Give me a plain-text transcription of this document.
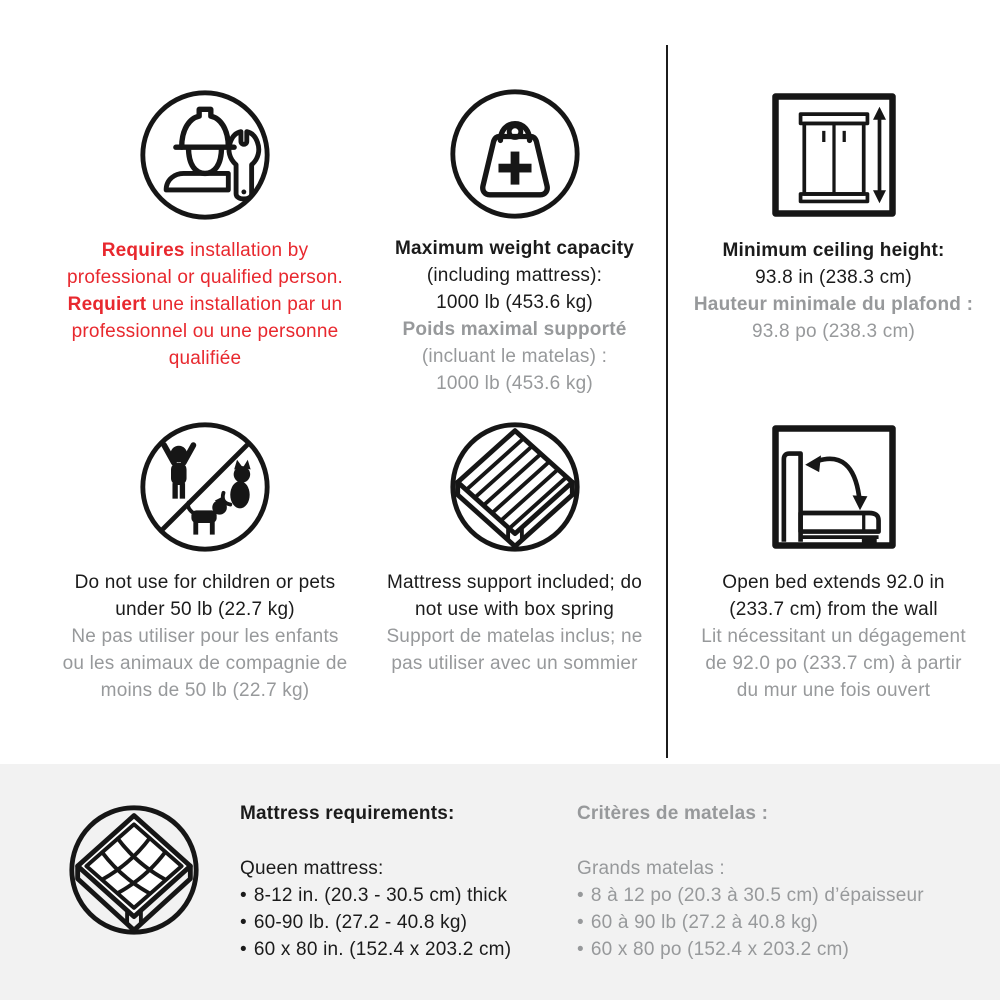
Requires installation by
professional or qualified person.
Requiert une installation par un
professionnel ou une personne
qualifiée
Maximum weight capacity
(including mattress):
1000 lb (453.6 kg)
Poids maximal supporté
(incluant le matelas) :
1000 lb (453.6 kg)
Minimum ceiling height:
93.8 in (238.3 cm)
Hauteur minimale du plafond :
93.8 po (238.3 cm)
Do not use for children or pets
under 50 lb (22.7 kg)
Ne pas utiliser pour les enfants
ou les animaux de compagnie de
moins de 50 lb (22.7 kg)
Mattress support included; do
not use with box spring
Support de matelas inclus; ne
pas utiliser avec un sommier
Open bed extends 92.0 in
(233.7 cm) from the wall
Lit nécessitant un dégagement
de 92.0 po (233.7 cm) à partir
du mur une fois ouvert

Mattress requirements:

Queen mattress:

• 8-12 in. (20.3 - 30.5 cm) thick
• 60-90 lb. (27.2 - 40.8 kg)
• 60 x 80 in. (152.4 x 203.2 cm)

Critères de matelas :

Grands matelas :

• 8 à 12 po (20.3 à 30.5 cm) d’épaisseur
• 60 à 90 lb (27.2 à 40.8 kg)
• 60 x 80 po (152.4 x 203.2 cm)
